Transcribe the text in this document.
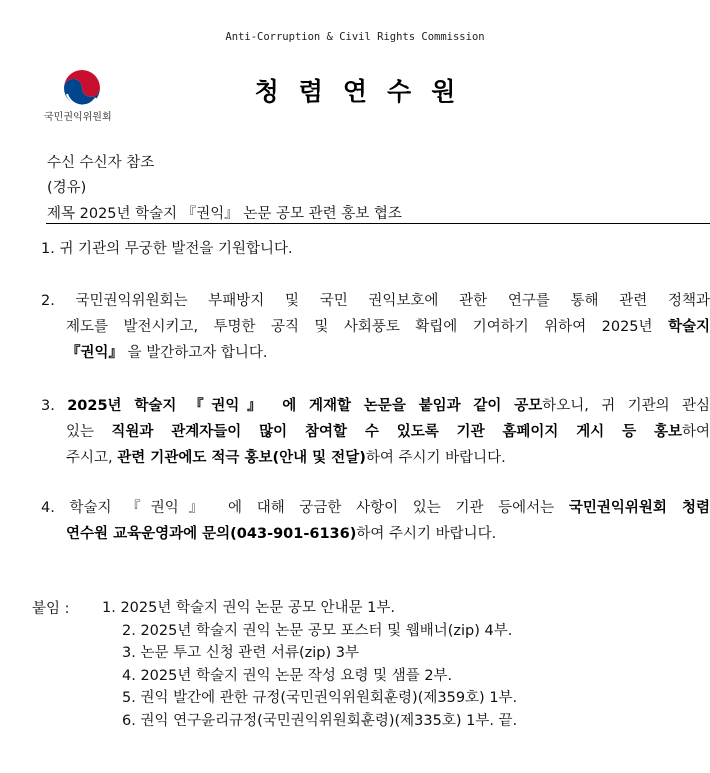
Anti-Corruption & Civil Rights Commission
국민권익위원회
청렴연수원
수신 수신자 참조
(경유)
제목 2025년 학술지 『권익』 논문 공모 관련 홍보 협조
1. 귀 기관의 무궁한 발전을 기원합니다.
2. 국민권익위원회는 부패방지 및 국민 권익보호에 관한 연구를 통해 관련 정책과
제도를 발전시키고, 투명한 공직 및 사회풍토 확립에 기여하기 위하여 2025년 학술지
『권익』 을 발간하고자 합니다.
3. 2025년 학술지 『권익』 에 게재할 논문을 붙임과 같이 공모하오니, 귀 기관의 관심
있는 직원과 관계자들이 많이 참여할 수 있도록 기관 홈페이지 게시 등 홍보하여
주시고, 관련 기관에도 적극 홍보(안내 및 전달)하여 주시기 바랍니다.
4. 학술지 『권익』 에 대해 궁금한 사항이 있는 기관 등에서는 국민권익위원회 청렴
연수원 교육운영과에 문의(043-901-6136)하여 주시기 바랍니다.
붙임 : 1. 2025년 학술지 권익 논문 공모 안내문 1부.
2. 2025년 학술지 권익 논문 공모 포스터 및 웹배너(zip) 4부.
3. 논문 투고 신청 관련 서류(zip) 3부
4. 2025년 학술지 권익 논문 작성 요령 및 샘플 2부.
5. 권익 발간에 관한 규정(국민권익위원회훈령)(제359호) 1부.
6. 권익 연구윤리규정(국민권익위원회훈령)(제335호) 1부. 끝.
